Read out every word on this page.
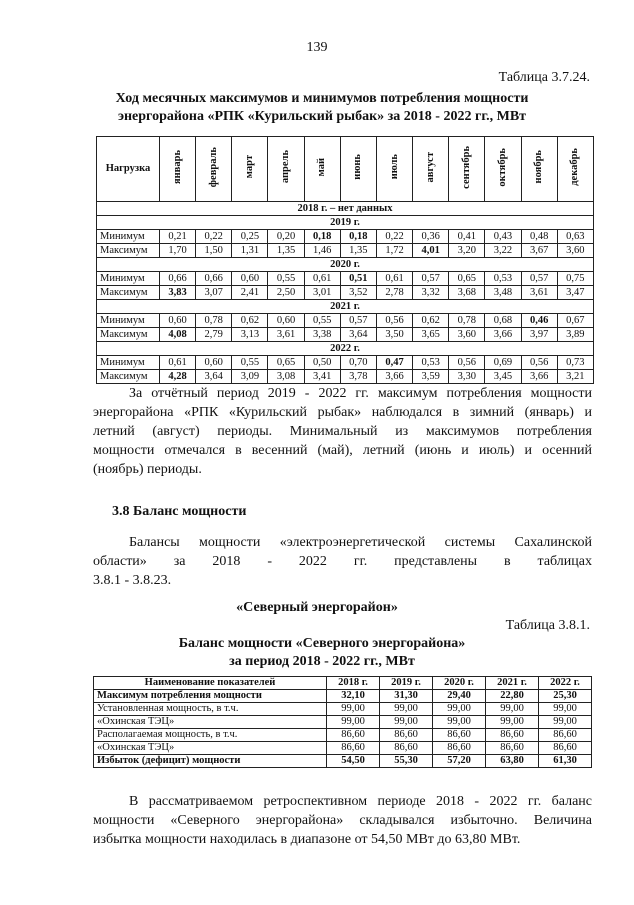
139
Таблица 3.7.24.
Ход месячных максимумов и минимумов потребления мощности
энергорайона «РПК «Курильский рыбак» за 2018 - 2022 гг., МВт
Нагрузка	январь	февраль	март	апрель	май	июнь	июль	август	сентябрь	октябрь	ноябрь	декабрь
2018 г. – нет данных												
2019 г.												
Минимум	0,21	0,22	0,25	0,20	0,18	0,18	0,22	0,36	0,41	0,43	0,48	0,63
Максимум	1,70	1,50	1,31	1,35	1,46	1,35	1,72	4,01	3,20	3,22	3,67	3,60
2020 г.												
Минимум	0,66	0,66	0,60	0,55	0,61	0,51	0,61	0,57	0,65	0,53	0,57	0,75
Максимум	3,83	3,07	2,41	2,50	3,01	3,52	2,78	3,32	3,68	3,48	3,61	3,47
2021 г.												
Минимум	0,60	0,78	0,62	0,60	0,55	0,57	0,56	0,62	0,78	0,68	0,46	0,67
Максимум	4,08	2,79	3,13	3,61	3,38	3,64	3,50	3,65	3,60	3,66	3,97	3,89
2022 г.												
Минимум	0,61	0,60	0,55	0,65	0,50	0,70	0,47	0,53	0,56	0,69	0,56	0,73
Максимум	4,28	3,64	3,09	3,08	3,41	3,78	3,66	3,59	3,30	3,45	3,66	3,21
За отчётный период 2019 - 2022 гг. максимум потребления мощности
энергорайона «РПК «Курильский рыбак» наблюдался в зимний (январь) и
летний (август) периоды. Минимальный из максимумов потребления
мощности отмечался в весенний (май), летний (июнь и июль) и осенний
(ноябрь) периоды.
3.8 Баланс мощности
Балансы мощности «электроэнергетической системы Сахалинской
области» за 2018 - 2022 гг. представлены в таблицах
3.8.1 - 3.8.23.
«Северный энергорайон»
Таблица 3.8.1.
Баланс мощности «Северного энергорайона»
за период 2018 - 2022 гг., МВт
Наименование показателей	2018 г.	2019 г.	2020 г.	2021 г.	2022 г.
Максимум потребления мощности	32,10	31,30	29,40	22,80	25,30
Установленная мощность, в т.ч.	99,00	99,00	99,00	99,00	99,00
«Охинская ТЭЦ»	99,00	99,00	99,00	99,00	99,00
Располагаемая мощность, в т.ч.	86,60	86,60	86,60	86,60	86,60
«Охинская ТЭЦ»	86,60	86,60	86,60	86,60	86,60
Избыток (дефицит) мощности	54,50	55,30	57,20	63,80	61,30
В рассматриваемом ретроспективном периоде 2018 - 2022 гг. баланс
мощности «Северного энергорайона» складывался избыточно. Величина
избытка мощности находилась в диапазоне от 54,50 МВт до 63,80 МВт.
